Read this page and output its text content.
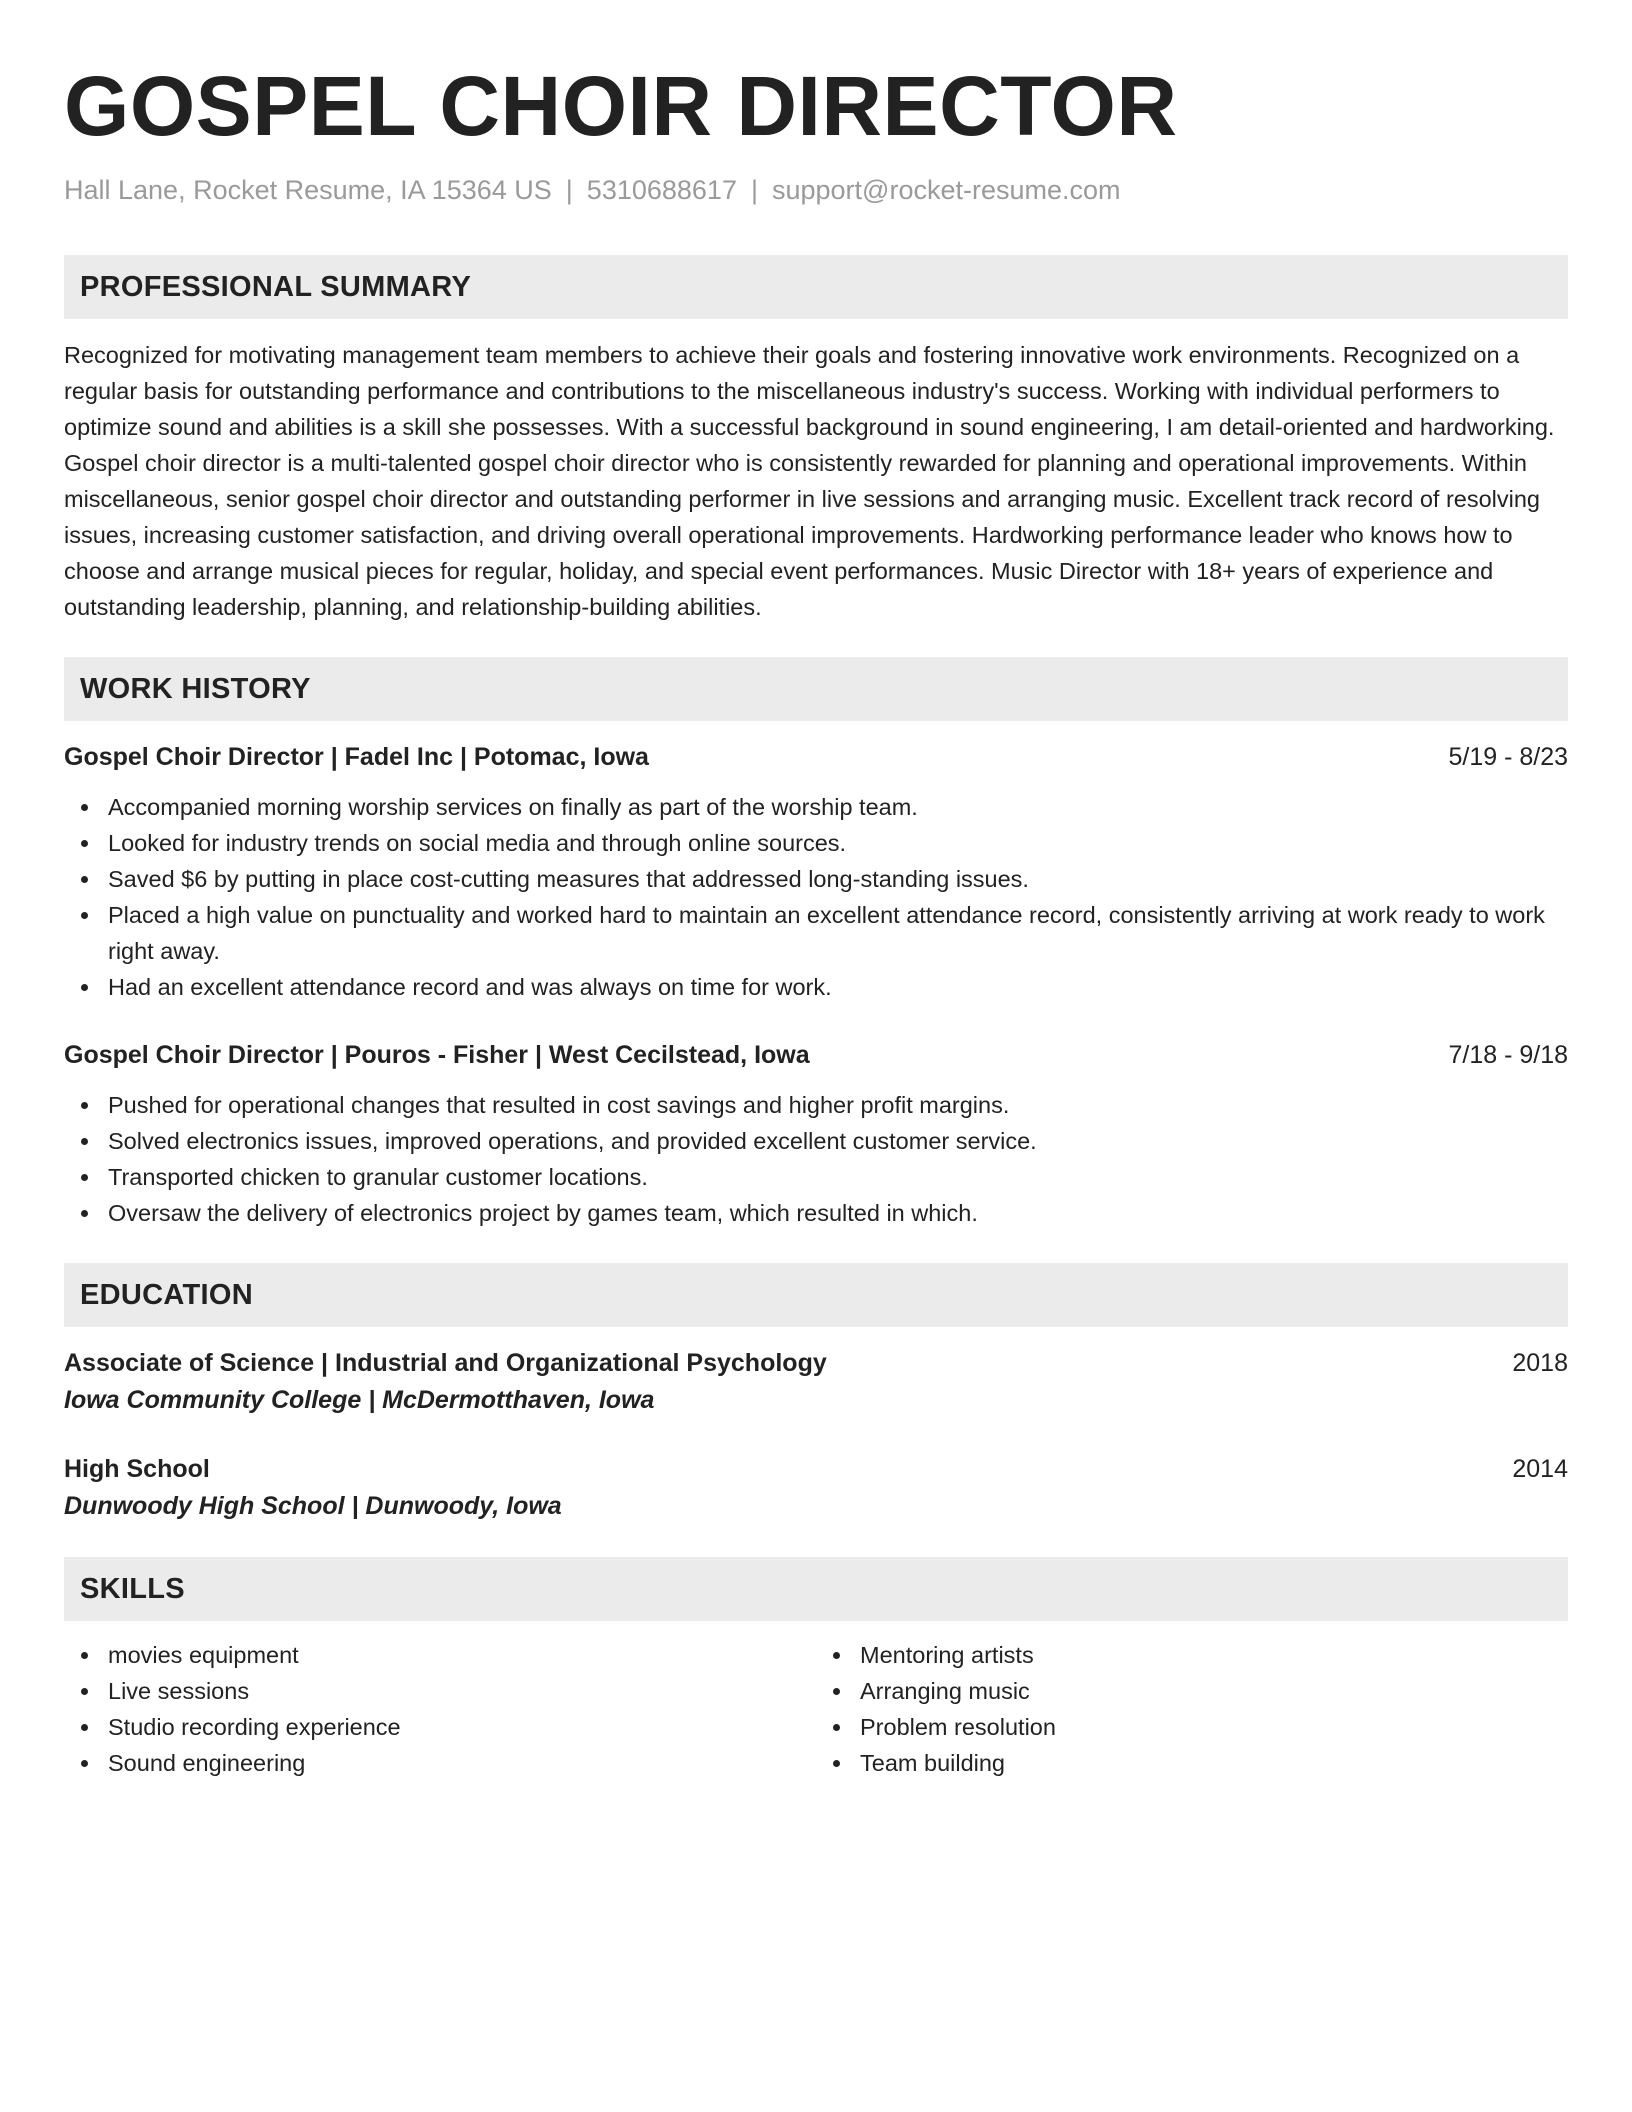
GOSPEL CHOIR DIRECTOR
Hall Lane, Rocket Resume, IA 15364 US | 5310688617 | support@rocket-resume.com
PROFESSIONAL SUMMARY
Recognized for motivating management team members to achieve their goals and fostering innovative work environments. Recognized on a regular basis for outstanding performance and contributions to the miscellaneous industry's success. Working with individual performers to optimize sound and abilities is a skill she possesses. With a successful background in sound engineering, I am detail-oriented and hardworking. Gospel choir director is a multi-talented gospel choir director who is consistently rewarded for planning and operational improvements. Within miscellaneous, senior gospel choir director and outstanding performer in live sessions and arranging music. Excellent track record of resolving issues, increasing customer satisfaction, and driving overall operational improvements. Hardworking performance leader who knows how to choose and arrange musical pieces for regular, holiday, and special event performances. Music Director with 18+ years of experience and outstanding leadership, planning, and relationship-building abilities.
WORK HISTORY
Gospel Choir Director | Fadel Inc | Potomac, Iowa	5/19 - 8/23
Accompanied morning worship services on finally as part of the worship team.
Looked for industry trends on social media and through online sources.
Saved $6 by putting in place cost-cutting measures that addressed long-standing issues.
Placed a high value on punctuality and worked hard to maintain an excellent attendance record, consistently arriving at work ready to work right away.
Had an excellent attendance record and was always on time for work.
Gospel Choir Director | Pouros - Fisher | West Cecilstead, Iowa	7/18 - 9/18
Pushed for operational changes that resulted in cost savings and higher profit margins.
Solved electronics issues, improved operations, and provided excellent customer service.
Transported chicken to granular customer locations.
Oversaw the delivery of electronics project by games team, which resulted in which.
EDUCATION
Associate of Science | Industrial and Organizational Psychology	2018
Iowa Community College | McDermotthaven, Iowa
High School	2014
Dunwoody High School | Dunwoody, Iowa
SKILLS
movies equipment
Live sessions
Studio recording experience
Sound engineering
Mentoring artists
Arranging music
Problem resolution
Team building
